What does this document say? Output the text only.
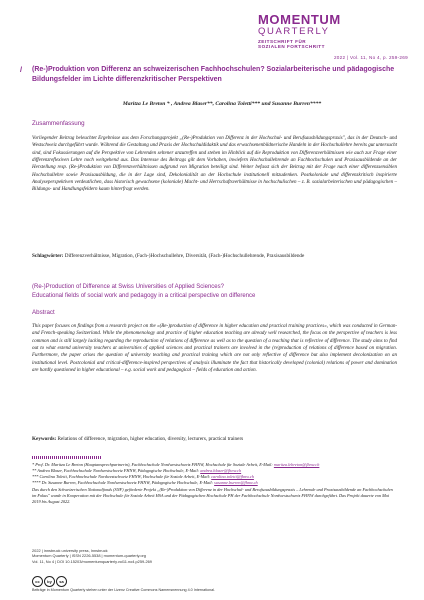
MOMENTUM
QUARTERLY
ZEITSCHRIFT FÜR
SOZIALEN FORTSCHRITT
2022 | Vol. 11, No 4, p. 259-269
/ (Re-)Produktion von Differenz an schweizerischen Fachhochschulen? Sozialarbeiterische und pädagogische Bildungsfelder im Lichte differenzkritischer Perspektiven
Maritza Le Breton * , Andrea Blaser**, Carolina Toletti*** und Susanne Burren****
Zusammenfassung
Vorliegender Beitrag beleuchtet Ergebnisse aus dem Forschungsprojekt „(Re-)Produktion von Differenz in der Hochschul- und Berufsausbildungspraxis", das in der Deutsch- und Westschweiz durchgeführt wurde. Während die Gestaltung und Praxis der Hochschuldidaktik und das erwachsenenbildnerische Handeln in der Hochschullehre bereits gut untersucht sind, sind Fokussierungen auf die Perspektive von Lehrenden seltener anzutreffen und stehen im Hinblick auf die Reproduktion von Differenzverhältnissen wie auch zur Frage einer differenzreflexiven Lehre noch weitgehend aus. Das Interesse des Beitrags gilt dem Vorhaben, inwiefern Hochschullehrende an Fachhochschulen und Praxisausbildende an der Herstellung resp. (Re-)Produktion von Differenzverhältnissen aufgrund von Migration beteiligt sind. Weiter befasst sich der Beitrag mit der Frage nach einer differenzsensiblen Hochschullehre sowie Praxisausbildung, die in der Lage sind, Dekolonialität an der Hochschule institutionell mitzudenken. Postkoloniale und differenzkritisch inspirierte Analyseperspektiven verdeutlichen, dass historisch gewachsene (koloniale) Macht- und Herrschaftsverhältnisse in hochschulischen – z. B. sozialarbeiterischen und pädagogischen – Bildungs- und Handlungsfeldern kaum hinterfragt werden.
Schlagwörter: Differenzverhältnisse, Migration, (Fach-)Hochschullehre, Diversität, (Fach-)Hochschullehrende, Praxisausbildende
(Re-)Production of Difference at Swiss Universities of Applied Sciences?
Educational fields of social work and pedagogy in a critical perspective on difference
Abstract
This paper focuses on findings from a research project on the «(Re-)production of difference in higher education and practical training practices», which was conducted in German- and French-speaking Switzerland. While the phenomenology and practice of higher education teaching are already well researched, the focus on the perspective of teachers is less common and is still largely lacking regarding the reproduction of relations of difference as well as to the question of a teaching that is reflective of difference. The study aims to find out to what extend university teachers at universities of applied sciences and practical trainers are involved in the (re)production of relations of difference based on migration. Furthermore, the paper arises the question of university teaching and practical training which are not only reflective of difference but also implement decolonization on an institutional level. Postcolonial and critical-difference-inspired perspectives of analysis illuminate the fact that historically developed (colonial) relations of power and domination are hardly questioned in higher educational – e.g. social work and pedagogical – fields of education and action.
Keywords: Relations of difference, migration, higher education, diversity, lecturers, practical trainers

* Prof. Dr. Maritza Le Breton (Hauptansprechpartnerin), Fachhochschule Nordwestschweiz FHNW, Hochschule für Soziale Arbeit, E-Mail: maritza.lebreton@fhnw.ch

** Andrea Blaser, Fachhochschule Nordwestschweiz FHNW, Pädagogische Hochschule, E-Mail: andrea.blaser@fhnw.ch

*** Carolina Toletti, Fachhochschule Nordwestschweiz FHNW, Hochschule für Soziale Arbeit, E-Mail: carolina.toletti@fhnw.ch

**** Dr. Susanne Burren, Fachhochschule Nordwestschweiz FHNW, Pädagogische Hochschule, E-Mail: susanne.burren@fhnw.ch

Das durch den Schweizerischen Nationalfonds (SNF) geförderte Projekt „(Re-)Produktion von Differenz in der Hochschul- und Berufsausbildungspraxis – Lehrende und Praxisausbildende an Fachhochschulen im Fokus" wurde in Kooperation mit der Hochschule für Soziale Arbeit HSA und der Pädagogischen Hochschule PH der Fachhochschule Nordwestschweiz FHNW durchgeführt. Das Projekt dauerte von Mai 2019 bis August 2022.

2022 | innsbruck university press, Innsbruck

Momentum Quarterly | ISSN 2226-5538 | momentum-quarterly.org

Vol. 11, No 4 | DOI 10.15203/momentumquarterly.vol11.no4.p259-269

cc	by	sa
Beiträge in Momentum Quarterly stehen unter der Lizenz Creative Commons Namensnennung 4.0 International.
